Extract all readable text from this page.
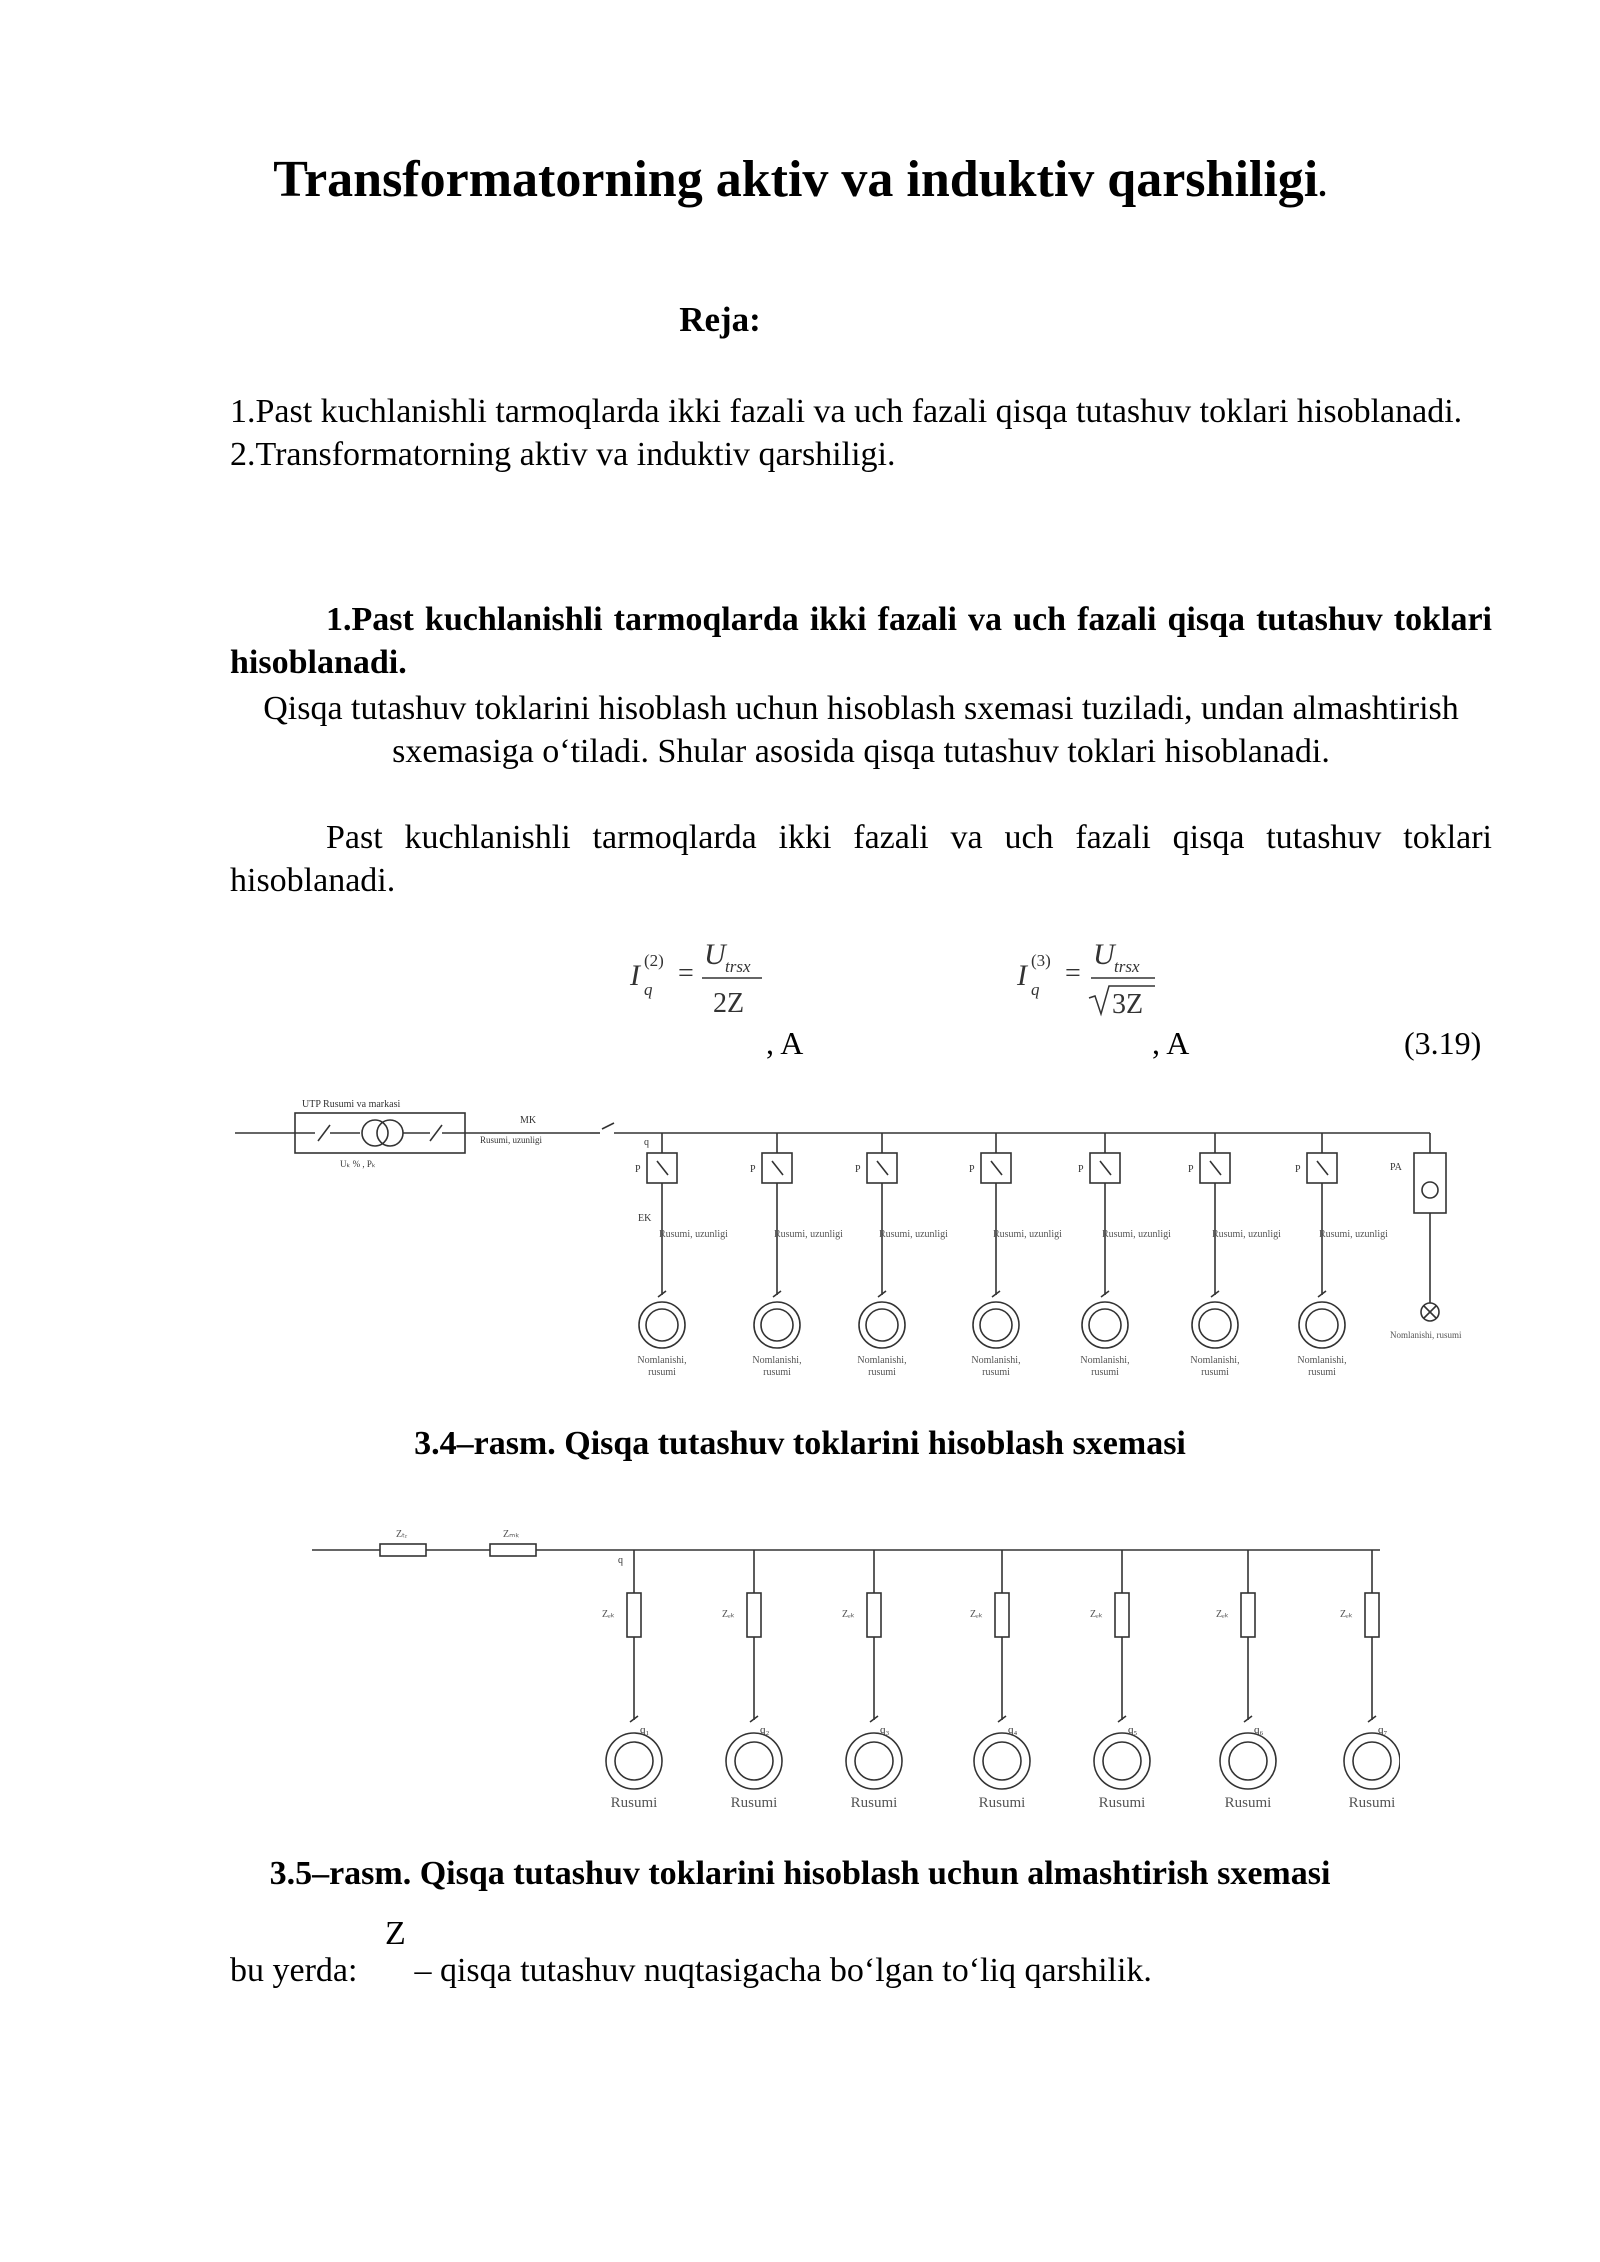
Transformatorning aktiv va induktiv qarshiligi.
Reja:
1.Past kuchlanishli tarmoqlarda ikki fazali va uch fazali qisqa tutashuv toklari hisoblanadi.
2.Transformatorning aktiv va induktiv qarshiligi.
1.Past kuchlanishli tarmoqlarda ikki fazali va uch fazali qisqa tutashuv toklari hisoblanadi.
Qisqa tutashuv toklarini hisoblash uchun hisoblash sxemasi tuziladi, undan almashtirish sxemasiga o‘tiladi. Shular asosida qisqa tutashuv toklari hisoblanadi.
Past kuchlanishli tarmoqlarda ikki fazali va uch fazali qisqa tutashuv toklari hisoblanadi.
I (2)
q
=
U trsx
2Z
I (3)
q
=
U trsx
3Z
, A	, A	(3.19)
UTP Rusumi va markasi
Uₖ % , Pₖ
MK
Rusumi, uzunligi	q
EK
PA
Nomlanishi, rusumi
P
Rusumi, uzunligi
Nomlanishi,
rusumi
P
Rusumi, uzunligi
Nomlanishi,
rusumi
P
Rusumi, uzunligi
Nomlanishi,
rusumi
P
Rusumi, uzunligi
Nomlanishi,
rusumi
P
Rusumi, uzunligi
Nomlanishi,
rusumi
P
Rusumi, uzunligi
Nomlanishi,
rusumi
P
Rusumi, uzunligi
Nomlanishi,
rusumi
3.4–rasm. Qisqa tutashuv toklarini hisoblash sxemasi
Zₜᵣ	Zₘₖ
q
Zₑₖ
q₁
Rusumi
Zₑₖ
q₂
Rusumi
Zₑₖ
q₃
Rusumi
Zₑₖ
q₄
Rusumi
Zₑₖ
q₅
Rusumi
Zₑₖ
q₆
Rusumi
Zₑₖ
q₇
Rusumi
3.5–rasm. Qisqa tutashuv toklarini hisoblash uchun almashtirish sxemasi
Z
bu yerda: – qisqa tutashuv nuqtasigacha bo‘lgan to‘liq qarshilik.
